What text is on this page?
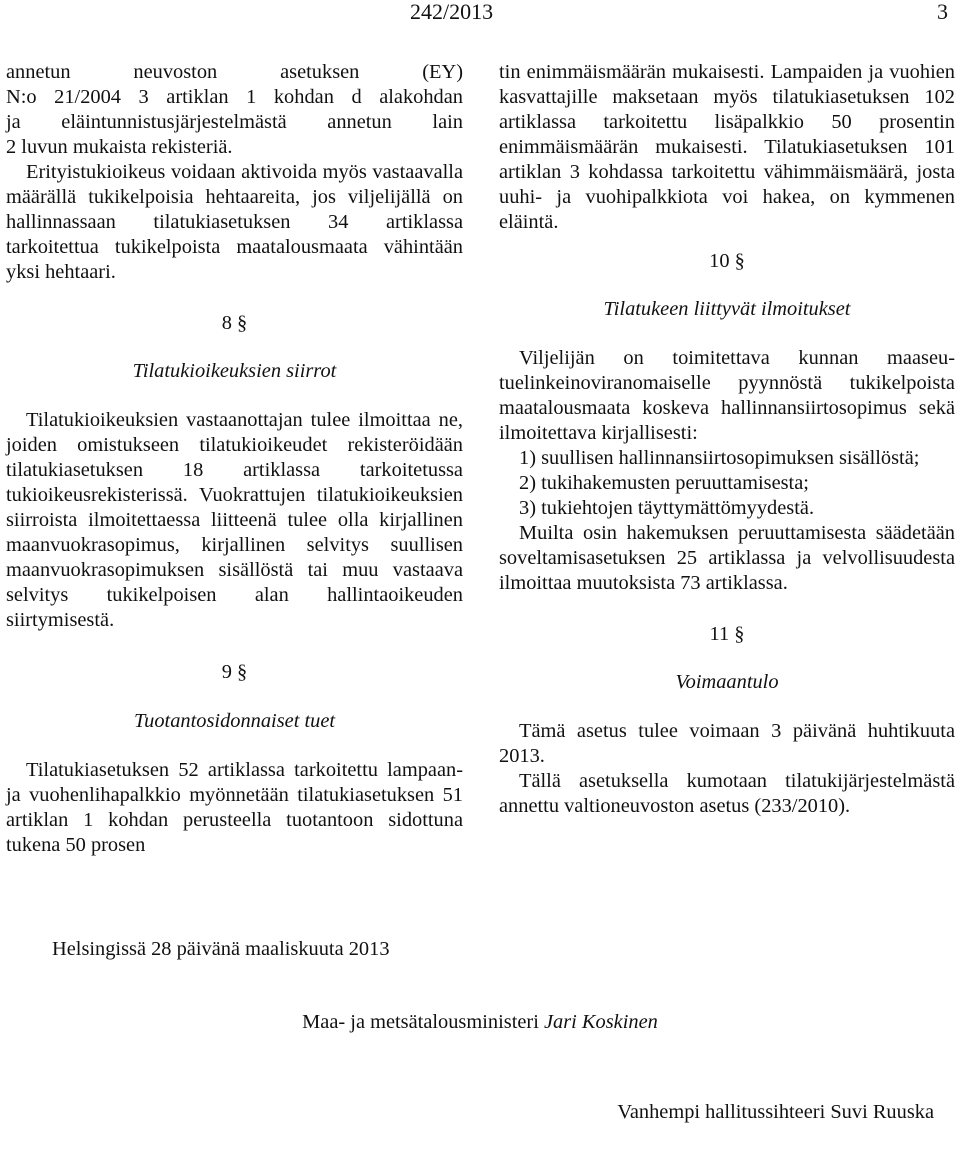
242/2013	3
annetun neuvoston asetuksen (EY)
N:o 21/2004 3 artiklan 1 kohdan d alakohdan
ja eläintunnistusjärjestelmästä annetun lain
2 luvun mukaista rekisteriä.

Erityistukioikeus voidaan aktivoida myös vastaavalla määrällä tukikelpoisia hehtaareita, jos viljelijällä on hallinnassaan tilatukiasetuksen 34 artiklassa tarkoitettua tukikelpoista maatalousmaata vähintään yksi hehtaari.

8 §

Tilatukioikeuksien siirrot

Tilatukioikeuksien vastaanottajan tulee ilmoittaa ne, joiden omistukseen tilatukioikeudet rekisteröidään tilatukiasetuksen 18 artiklassa tarkoitetussa tukioikeusrekisterissä. Vuokrattujen tilatukioikeuksien siirroista ilmoitettaessa liitteenä tulee olla kirjallinen maanvuokrasopimus, kirjallinen selvitys suullisen maanvuokrasopimuksen sisällöstä tai muu vastaava selvitys tukikelpoisen alan hallintaoikeuden siirtymisestä.

9 §

Tuotantosidonnaiset tuet

Tilatukiasetuksen 52 artiklassa tarkoitettu lampaan- ja vuohenlihapalkkio myönnetään tilatukiasetuksen 51 artiklan 1 kohdan perusteella tuotantoon sidottuna tukena 50 prosen

tin enimmäismäärän mukaisesti. Lampaiden ja vuohien kasvattajille maksetaan myös tilatukiasetuksen 102 artiklassa tarkoitettu lisäpalkkio 50 prosentin enimmäismäärän mukaisesti. Tilatukiasetuksen 101 artiklan 3 kohdassa tarkoitettu vähimmäismäärä, josta uuhi- ja vuohipalkkiota voi hakea, on kymmenen eläintä.

10 §

Tilatukeen liittyvät ilmoitukset

Viljelijän on toimitettava kunnan maaseutuelinkeinoviranomaiselle pyynnöstä tukikelpoista maatalousmaata koskeva hallinnansiirtosopimus sekä ilmoitettava kirjallisesti:

1) suullisen hallinnansiirtosopimuksen sisällöstä;

2) tukihakemusten peruuttamisesta;

3) tukiehtojen täyttymättömyydestä.

Muilta osin hakemuksen peruuttamisesta säädetään soveltamisasetuksen 25 artiklassa ja velvollisuudesta ilmoittaa muutoksista 73 artiklassa.

11 §

Voimaantulo

Tämä asetus tulee voimaan 3 päivänä huhtikuuta 2013.

Tällä asetuksella kumotaan tilatukijärjestelmästä annettu valtioneuvoston asetus (233/2010).

Helsingissä 28 päivänä maaliskuuta 2013
Maa- ja metsätalousministeri Jari Koskinen
Vanhempi hallitussihteeri Suvi Ruuska
